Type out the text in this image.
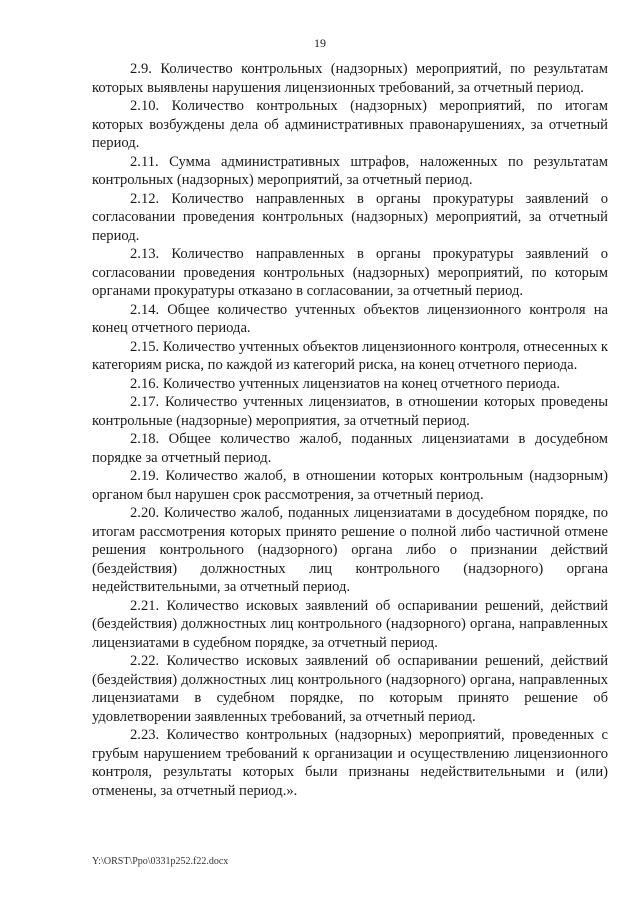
19

2.9. Количество контрольных (надзорных) мероприятий, по результатам которых выявлены нарушения лицензионных требований, за отчетный период.

2.10. Количество контрольных (надзорных) мероприятий, по итогам которых возбуждены дела об административных правонарушениях, за отчетный период.

2.11. Сумма административных штрафов, наложенных по результатам контрольных (надзорных) мероприятий, за отчетный период.

2.12. Количество направленных в органы прокуратуры заявлений о согласовании проведения контрольных (надзорных) мероприятий, за отчетный период.

2.13. Количество направленных в органы прокуратуры заявлений о согласовании проведения контрольных (надзорных) мероприятий, по которым органами прокуратуры отказано в согласовании, за отчетный период.

2.14. Общее количество учтенных объектов лицензионного контроля на конец отчетного периода.

2.15. Количество учтенных объектов лицензионного контроля, отнесенных к категориям риска, по каждой из категорий риска, на конец отчетного периода.

2.16. Количество учтенных лицензиатов на конец отчетного периода.

2.17. Количество учтенных лицензиатов, в отношении которых проведены контрольные (надзорные) мероприятия, за отчетный период.

2.18. Общее количество жалоб, поданных лицензиатами в досудебном порядке за отчетный период.

2.19. Количество жалоб, в отношении которых контрольным (надзорным) органом был нарушен срок рассмотрения, за отчетный период.

2.20. Количество жалоб, поданных лицензиатами в досудебном порядке, по итогам рассмотрения которых принято решение о полной либо частичной отмене решения контрольного (надзорного) органа либо о признании действий (бездействия) должностных лиц контрольного (надзорного) органа недействительными, за отчетный период.

2.21. Количество исковых заявлений об оспаривании решений, действий (бездействия) должностных лиц контрольного (надзорного) органа, направленных лицензиатами в судебном порядке, за отчетный период.

2.22. Количество исковых заявлений об оспаривании решений, действий (бездействия) должностных лиц контрольного (надзорного) органа, направленных лицензиатами в судебном порядке, по которым принято решение об удовлетворении заявленных требований, за отчетный период.

2.23. Количество контрольных (надзорных) мероприятий, проведенных с грубым нарушением требований к организации и осуществлению лицензионного контроля, результаты которых были признаны недействительными и (или) отменены, за отчетный период.».

Y:\ORST\Ppo\0331p252.f22.docx
